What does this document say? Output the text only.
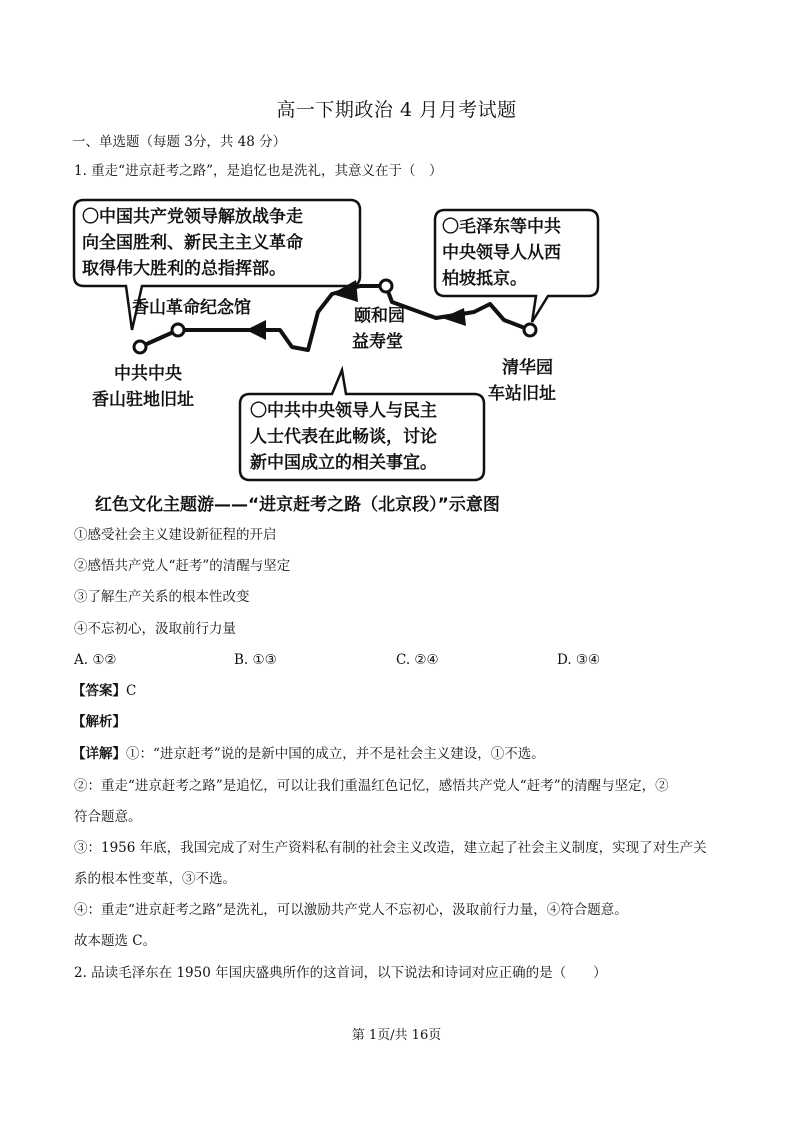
高一下期政治 4 月月考试题
一、单选题（每题 3分，共 48 分）
1. 重走“进京赶考之路”，是追忆也是洗礼，其意义在于（　）
〇中国共产党领导解放战争走
向全国胜利、新民主主义革命
取得伟大胜利的总指挥部。
〇毛泽东等中共
中央领导人从西
柏坡抵京。
香山革命纪念馆
中共中央
香山驻地旧址
颐和园
益寿堂
清华园
车站旧址
〇中共中央领导人与民主
人士代表在此畅谈，讨论
新中国成立的相关事宜。
红色文化主题游——“进京赶考之路（北京段）”示意图
①感受社会主义建设新征程的开启
②感悟共产党人“赶考”的清醒与坚定
③了解生产关系的根本性改变
④不忘初心，汲取前行力量
A. ①②	B. ①③	C. ②④	D. ③④
【答案】C
【解析】
【详解】①：“进京赶考”说的是新中国的成立，并不是社会主义建设，①不选。
②：重走“进京赶考之路”是追忆，可以让我们重温红色记忆，感悟共产党人“赶考”的清醒与坚定，②
符合题意。
③：1956 年底，我国完成了对生产资料私有制的社会主义改造，建立起了社会主义制度，实现了对生产关
系的根本性变革，③不选。
④：重走“进京赶考之路”是洗礼，可以激励共产党人不忘初心，汲取前行力量，④符合题意。
故本题选 C。
2. 品读毛泽东在 1950 年国庆盛典所作的这首词，以下说法和诗词对应正确的是（　　）
第 1页/共 16页
